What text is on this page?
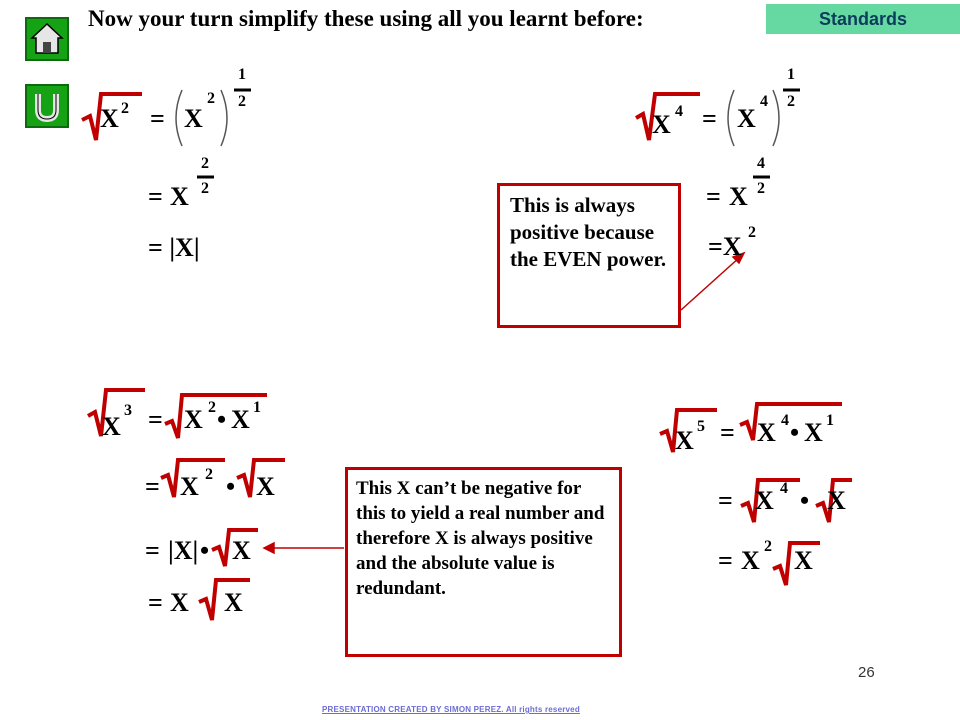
Now your turn simplify these using all you learnt before:	Standards
X 2 = X
2
1
2
= X
2
2
= |X|
X 4 = X
4
1
2
= X
4
2
=X 2
This is always positive because the EVEN power.
X
3 = X 2 • X 1
= X 2 • X
= |X| • X
= X X
This X can’t be negative for this to yield a real number and therefore X is always positive and the absolute value is redundant.
X 5 = X 4 • X 1
= X 4 • X
= X 2 X
26
PRESENTATION CREATED BY SIMON PEREZ. All rights reserved
